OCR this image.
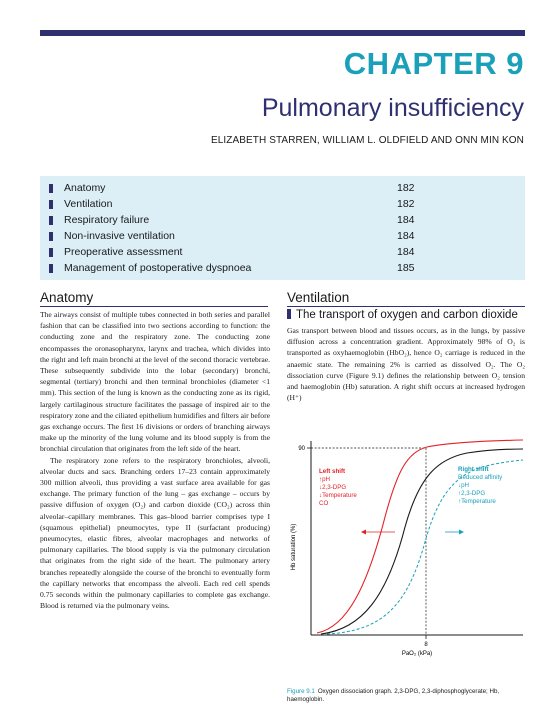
CHAPTER 9
Pulmonary insufficiency
ELIZABETH STARREN, WILLIAM L. OLDFIELD AND ONN MIN KON
Anatomy	182
Ventilation	182
Respiratory failure	184
Non-invasive ventilation	184
Preoperative assessment	184
Management of postoperative dyspnoea	185
Anatomy	Ventilation

The airways consist of multiple tubes connected in both series and parallel fashion that can be classified into two sections according to function: the conducting zone and the respiratory zone. The conducting zone encompasses the oronasopharynx, larynx and trachea, which divides into the right and left main bronchi at the level of the second thoracic vertebrae. These subsequently subdivide into the lobar (secondary) bronchi, segmental (tertiary) bronchi and then terminal bronchioles (diameter <1 mm). This section of the lung is known as the conducting zone as its rigid, largely cartilaginous structure facilitates the passage of inspired air to the respiratory zone and the ciliated epithelium humidifies and filters air before gas exchange occurs. The first 16 divisions or orders of branching airways make up the minority of the lung volume and its blood supply is from the bronchial circulation that originates from the left side of the heart.

The respiratory zone refers to the respiratory bronchioles, alveoli, alveolar ducts and sacs. Branching orders 17–23 contain approximately 300 million alveoli, thus providing a vast surface area available for gas exchange. The primary function of the lung – gas exchange – occurs by passive diffusion of oxygen (O₂) and carbon dioxide (CO₂) across thin alveolar–capillary membranes. This gas–blood barrier comprises type I (squamous epithelial) pneumocytes, type II (surfactant producing) pneumocytes, elastic fibres, alveolar macrophages and networks of pulmonary capillaries. The blood supply is via the pulmonary circulation that originates from the right side of the heart. The pulmonary artery branches repeatedly alongside the course of the bronchi to eventually form the capillary networks that encompass the alveoli. Each red cell spends 0.75 seconds within the pulmonary capillaries to complete gas exchange. Blood is returned via the pulmonary veins.

The transport of oxygen and carbon dioxide

Gas transport between blood and tissues occurs, as in the lungs, by passive diffusion across a concentration gradient. Approximately 98% of O₂ is transported as oxyhaemoglobin (HbO₂), hence O₂ carriage is reduced in the anaemic state. The remaining 2% is carried as dissolved O₂. The O₂ dissociation curve (Figure 9.1) defines the relationship between O₂ tension and haemoglobin (Hb) saturation. A right shift occurs at increased hydrogen (H⁺)

90
8
Left shift ↑pH ↓2,3-DPG ↓Temperature CO
Right shift Reduced affinity ↓pH ↑2,3-DPG ↑Temperature
Hb saturation (%)
PaO₂ (kPa)
Figure 9.1 Oxygen dissociation graph. 2,3-DPG, 2,3-diphosphoglycerate; Hb, haemoglobin.
